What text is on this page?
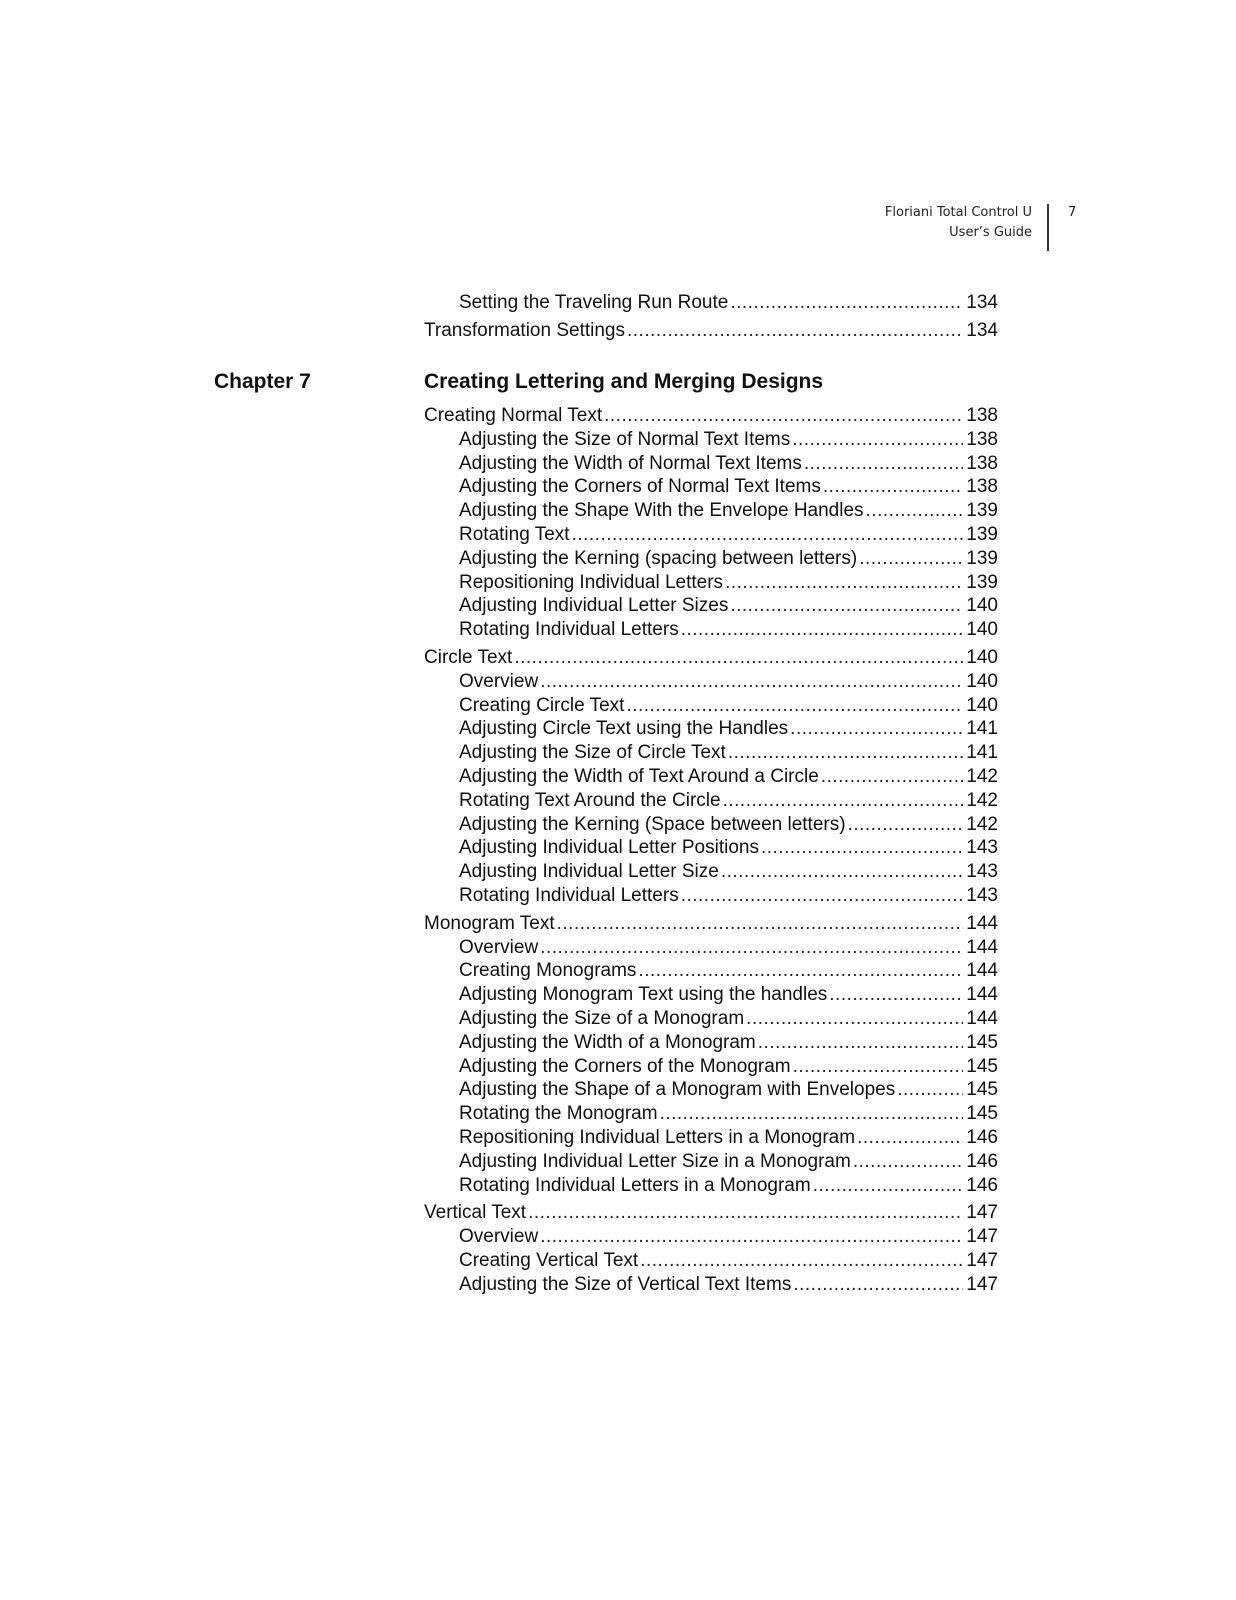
Floriani Total Control U
User’s Guide
7
Chapter 7	Creating Lettering and Merging Designs
Setting the Traveling Run Route .....	134
Transformation Settings .....	134
Creating Normal Text .....	138
Adjusting the Size of Normal Text Items .....	138
Adjusting the Width of Normal Text Items .....	138
Adjusting the Corners of Normal Text Items .....	138
Adjusting the Shape With the Envelope Handles .....	139
Rotating Text .....	139
Adjusting the Kerning (spacing between letters) .....	139
Repositioning Individual Letters .....	139
Adjusting Individual Letter Sizes .....	140
Rotating Individual Letters .....	140
Circle Text .....	140
Overview .....	140
Creating Circle Text .....	140
Adjusting Circle Text using the Handles .....	141
Adjusting the Size of Circle Text .....	141
Adjusting the Width of Text Around a Circle .....	142
Rotating Text Around the Circle .....	142
Adjusting the Kerning (Space between letters) .....	142
Adjusting Individual Letter Positions .....	143
Adjusting Individual Letter Size .....	143
Rotating Individual Letters .....	143
Monogram Text .....	144
Overview .....	144
Creating Monograms .....	144
Adjusting Monogram Text using the handles .....	144
Adjusting the Size of a Monogram .....	144
Adjusting the Width of a Monogram .....	145
Adjusting the Corners of the Monogram .....	145
Adjusting the Shape of a Monogram with Envelopes .....	145
Rotating the Monogram .....	145
Repositioning Individual Letters in a Monogram .....	146
Adjusting Individual Letter Size in a Monogram .....	146
Rotating Individual Letters in a Monogram .....	146
Vertical Text .....	147
Overview .....	147
Creating Vertical Text .....	147
Adjusting the Size of Vertical Text Items .....	147
